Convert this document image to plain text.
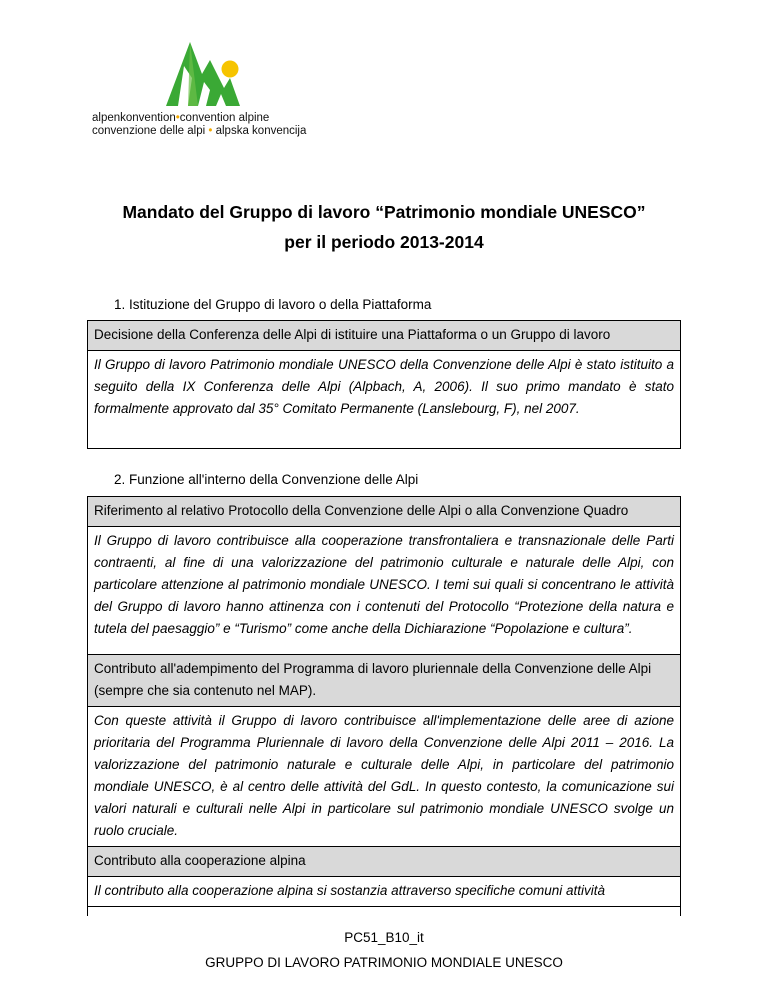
alpenkonvention•convention alpine
convenzione delle alpi • alpska konvencija
Mandato del Gruppo di lavoro “Patrimonio mondiale UNESCO”
per il periodo 2013-2014
1. Istituzione del Gruppo di lavoro o della Piattaforma
Decisione della Conferenza delle Alpi di istituire una Piattaforma o un Gruppo di lavoro
Il Gruppo di lavoro Patrimonio mondiale UNESCO della Convenzione delle Alpi è stato istituito a seguito della IX Conferenza delle Alpi (Alpbach, A, 2006). Il suo primo mandato è stato formalmente approvato dal 35° Comitato Permanente (Lanslebourg, F), nel 2007.
2. Funzione all'interno della Convenzione delle Alpi
Riferimento al relativo Protocollo della Convenzione delle Alpi o alla Convenzione Quadro
Il Gruppo di lavoro contribuisce alla cooperazione transfrontaliera e transnazionale delle Parti contraenti, al fine di una valorizzazione del patrimonio culturale e naturale delle Alpi, con particolare attenzione al patrimonio mondiale UNESCO. I temi sui quali si concentrano le attività del Gruppo di lavoro hanno attinenza con i contenuti del Protocollo “Protezione della natura e tutela del paesaggio” e “Turismo” come anche della Dichiarazione “Popolazione e cultura”.
Contributo all'adempimento del Programma di lavoro pluriennale della Convenzione delle Alpi (sempre che sia contenuto nel MAP).
Con queste attività il Gruppo di lavoro contribuisce all'implementazione delle aree di azione prioritaria del Programma Pluriennale di lavoro della Convenzione delle Alpi 2011 – 2016. La valorizzazione del patrimonio naturale e culturale delle Alpi, in particolare del patrimonio mondiale UNESCO, è al centro delle attività del GdL. In questo contesto, la comunicazione sui valori naturali e culturali nelle Alpi in particolare sul patrimonio mondiale UNESCO svolge un ruolo cruciale.
Contributo alla cooperazione alpina
Il contributo alla cooperazione alpina si sostanzia attraverso specifiche comuni attività
PC51_B10_it
GRUPPO DI LAVORO PATRIMONIO MONDIALE UNESCO
